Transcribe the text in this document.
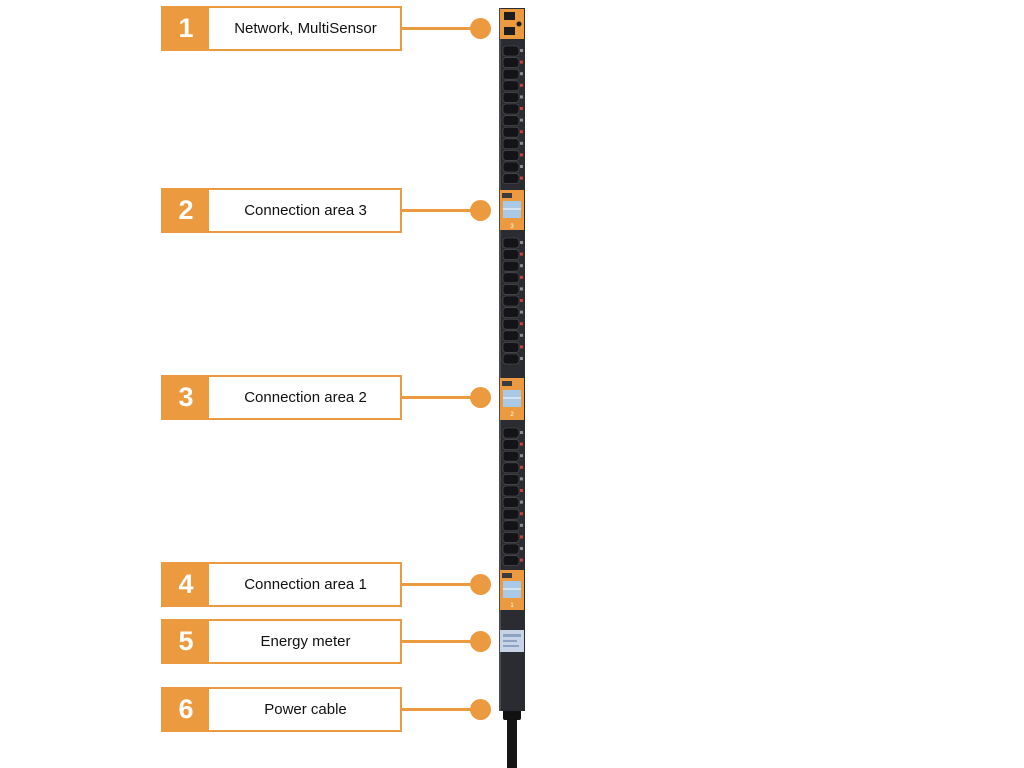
3
2
1
1	Network, MultiSensor
2	Connection area 3
3	Connection area 2
4	Connection area 1
5	Energy meter
6	Power cable
